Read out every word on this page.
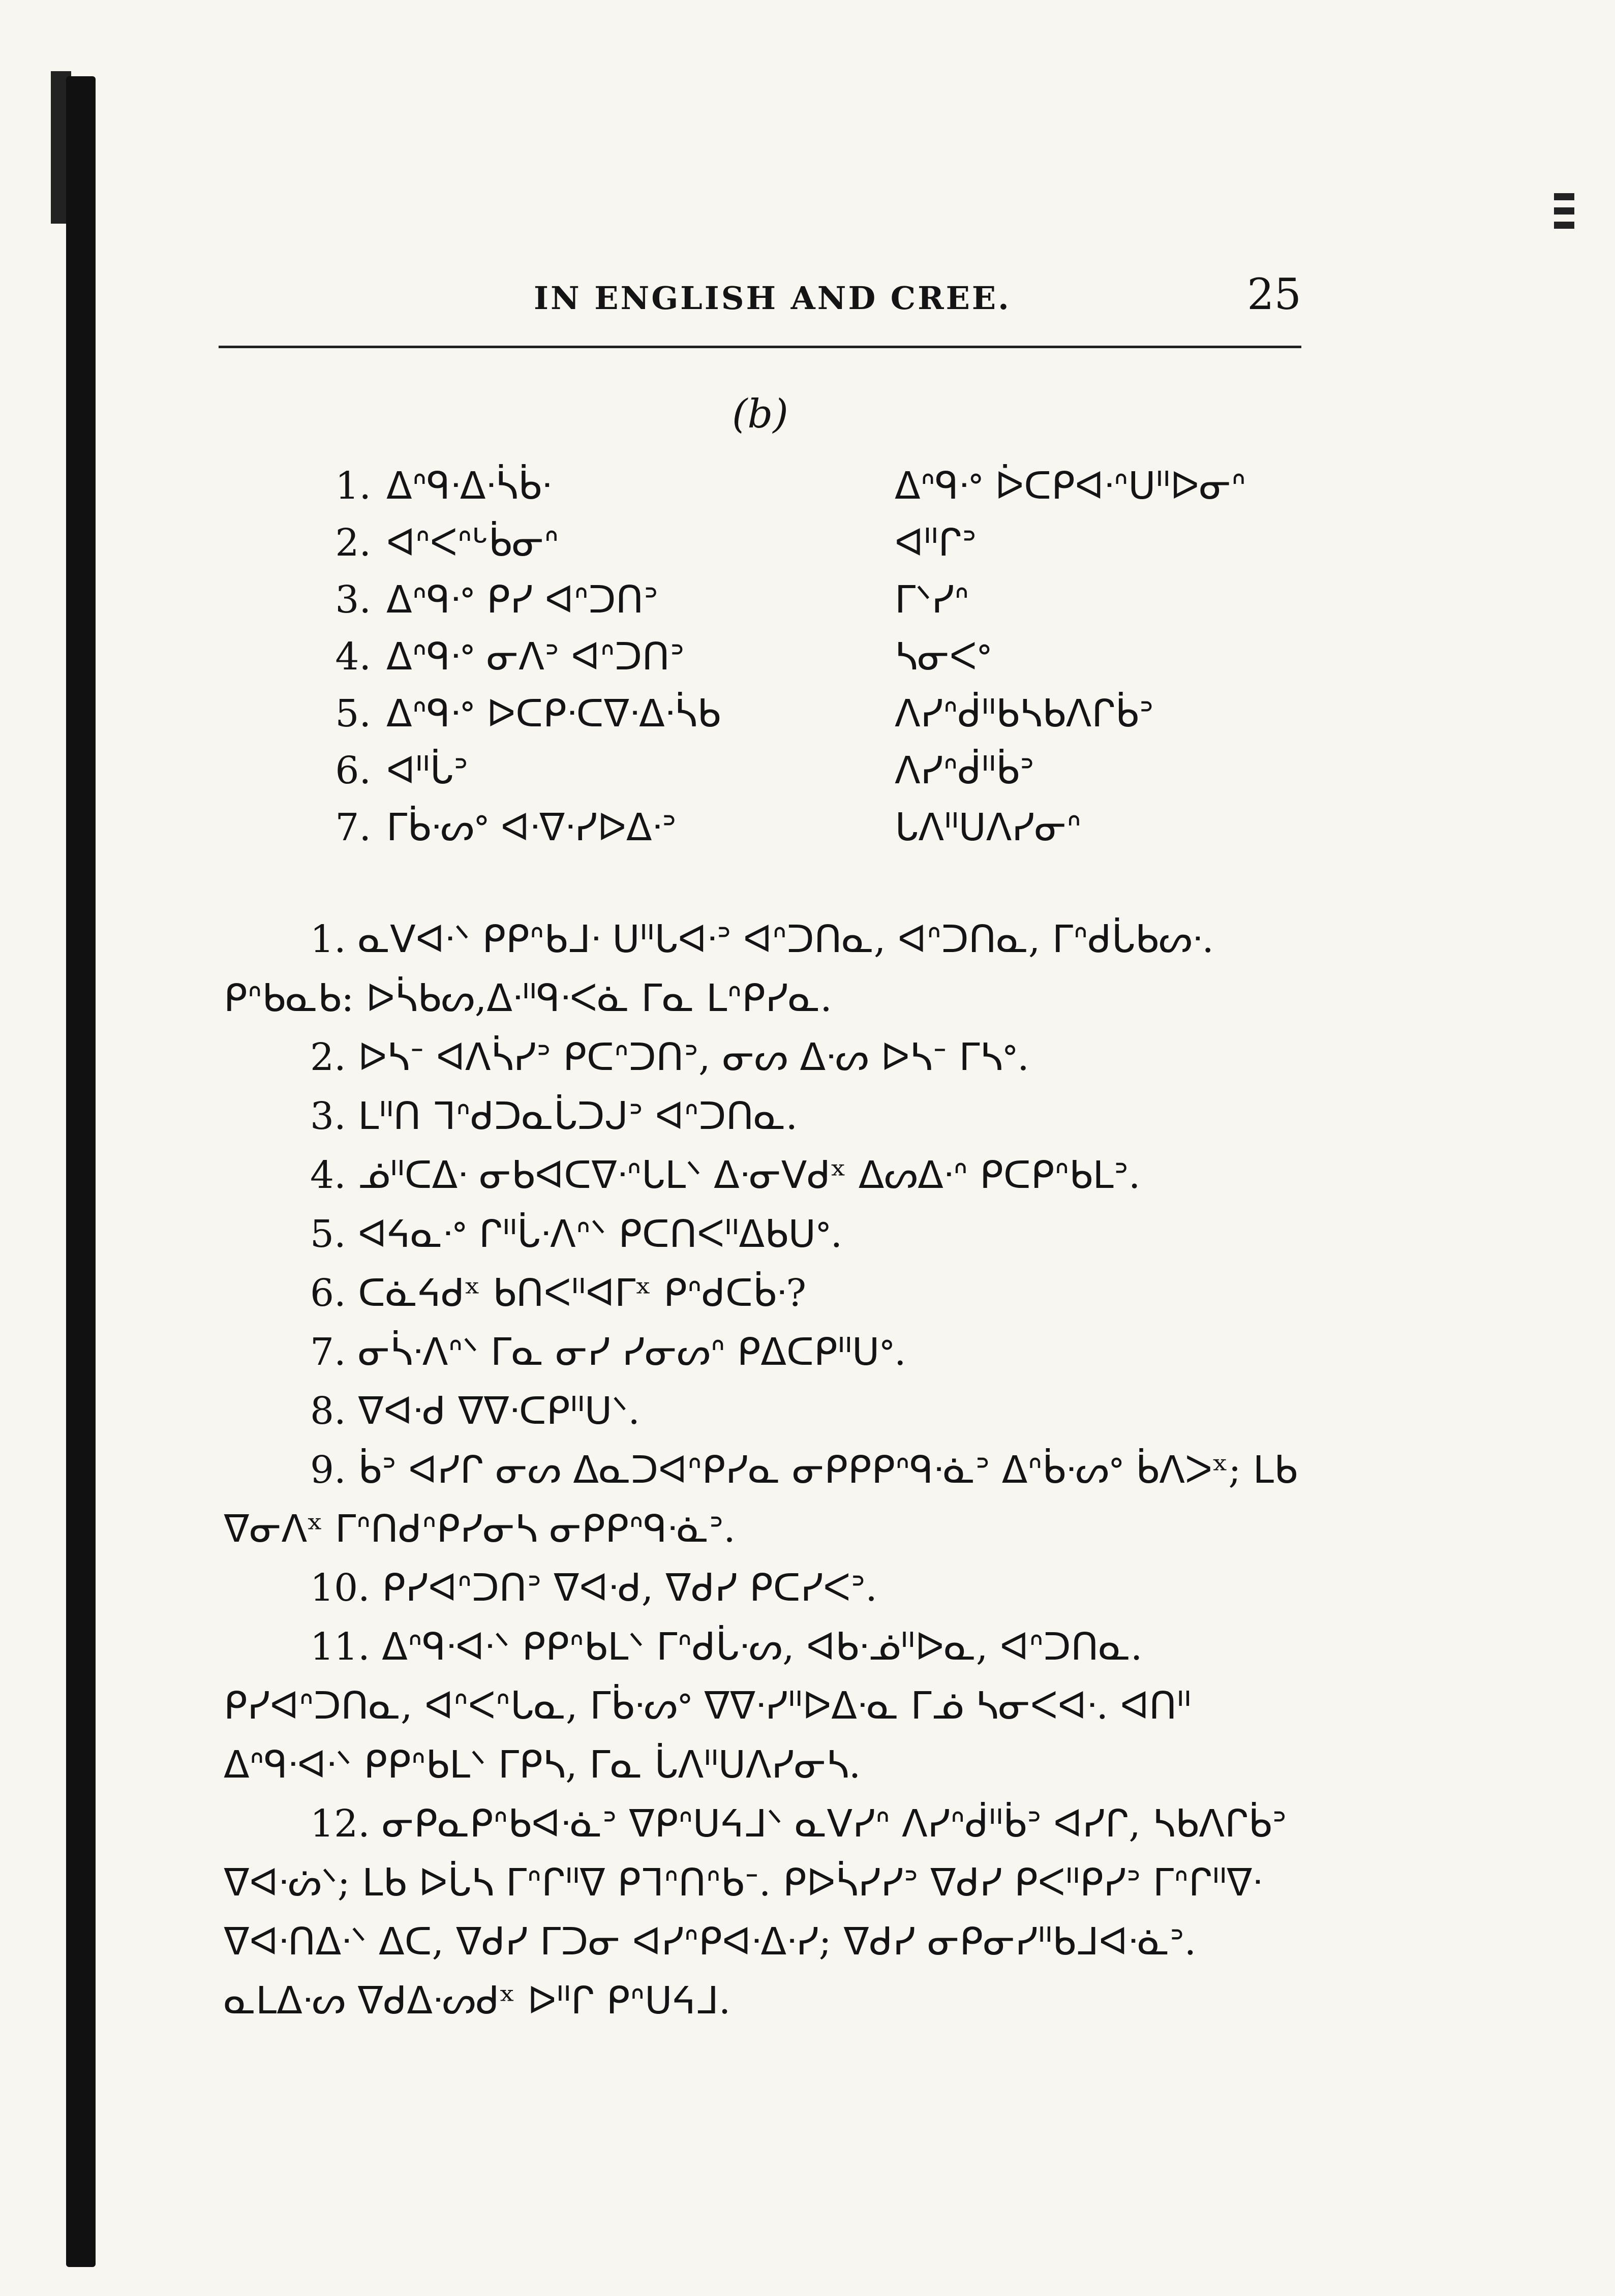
IN ENGLISH AND CREE.	25
(b)
1. ᐃᐢᑫᐧᐃᐧᓵᑳᐧ	ᐃᐢᑫᐧᐤ ᐆᑕᑭᐊᐧᐢᑌᐦᐅᓂᐢ
2. ᐊᐢᐸᐢᒡᑳᓂᐢ	ᐊᐦᒋᐣ
3. ᐃᐢᑫᐧᐤ ᑭᓯ ᐊᐢᑐᑎᐣ	ᒥᐠᓯᐢ
4. ᐃᐢᑫᐧᐤ ᓂᐱᐣ ᐊᐢᑐᑎᐣ	ᓴᓂᐸᐤ
5. ᐃᐢᑫᐧᐤ ᐅᑕᑭᐧᑕᐁᐧᐃᐧᓵᑲ	ᐱᓯᐢᑰᐦᑲᓴᑲᐱᒋᑳᐣ
6. ᐊᐦᒑᐣ	ᐱᓯᐢᑰᐦᑳᐣ
7. ᒥᑳᐧᔕᐤ ᐊᐧᐁᐧᓯᐅᐃᐧᐣ	ᒐᐱᐦᑌᐱᓯᓂᐢ

1. ᓇᐯᐊᐧᐠ ᑭᑭᐢᑲᒧᐧ ᑌᐦᒐᐊᐧᐣ ᐊᐢᑐᑎᓇ, ᐊᐢᑐᑎᓇ, ᒥᐢᑯᒑᑲᔕᐧ. ᑭᐢᑲᓇᑲ: ᐅᓵᑲᔕ,ᐃᐧᐦᑫᐧᐸᓈ ᒥᓇ ᒪᐢᑭᓯᓇ.

2. ᐅᓴᐨ ᐊᐱᓵᓯᐣ ᑭᑕᐢᑐᑎᐣ, ᓂᔕ ᐃᐧᔕ ᐅᓴᐨ ᒥᓴᐤ.

3. ᒪᐦᑎ ᒣᐢᑯᑐᓇᒑᑐᒍᐣ ᐊᐢᑐᑎᓇ.

4. ᓅᐦᑕᐃᐧ ᓂᑲᐊᑕᐁᐧᐢᒐᒪᐠ ᐃᐧᓂᐯᑯˣ ᐃᔕᐃᐧᐢ ᑭᑕᑭᐢᑲᒪᐣ.

5. ᐊᔦᓇᐧᐤ ᒋᐦᒑᐧᐱᐢᐠ ᑭᑕᑎᐸᐦᐃᑲᑌᐤ.

6. ᑕᓈᔦᑯˣ ᑲᑎᐸᐦᐊᒥˣ ᑭᐢᑯᑕᑳᐧ?

7. ᓂᓵᐧᐱᐢᐠ ᒥᓇ ᓂᓯ ᓯᓂᔕᐢ ᑭᐃᑕᑭᐦᑌᐤ.

8. ᐁᐊᐧᑯ ᐁᐁᐧᑕᑭᐦᑌᐠ.

9. ᑳᐣ ᐊᓯᒋ ᓂᔕ ᐃᓇᑐᐊᐢᑭᓯᓇ ᓂᑭᑭᑭᐢᑫᐧᓈᐣ ᐃᐢᑳᐧᔕᐤ ᑳᐱᐳˣ; ᒪᑲ ᐁᓂᐱˣ ᒥᐢᑎᑯᐢᑭᓯᓂᓴ ᓂᑭᑭᐢᑫᐧᓈᐣ.

10. ᑭᓯᐊᐢᑐᑎᐣ ᐁᐊᐧᑯ, ᐁᑯᓯ ᑭᑕᓯᐸᐣ.

11. ᐃᐢᑫᐧᐊᐧᐠ ᑭᑭᐢᑲᒪᐠ ᒥᐢᑯᒑᐧᔕ, ᐊᑲᐧᓅᐦᐅᓇ, ᐊᐢᑐᑎᓇ. ᑭᓯᐊᐢᑐᑎᓇ, ᐊᐢᐸᐢᒐᓇ, ᒥᑳᐧᔕᐤ ᐁᐁᐧᓯᐦᐅᐃᐧᓇ ᒥᓅ ᓴᓂᐸᐊᐧ. ᐊᑎᐦ ᐃᐢᑫᐧᐊᐧᐠ ᑭᑭᐢᑲᒪᐠ ᒥᑭᓴ, ᒥᓇ ᒑᐱᐦᑌᐱᓯᓂᓴ.

12. ᓂᑭᓇᑭᐢᑲᐊᐧᓈᐣ ᐁᑭᐢᑌᔦᒧᐠ ᓇᐯᓯᐢ ᐱᓯᐢᑰᐦᑳᐣ ᐊᓯᒋ, ᓴᑲᐱᒋᑳᐣ ᐁᐊᐧᔖᐠ; ᒪᑲ ᐅᒑᓴ ᒥᐢᒋᐦᐁ ᑭᒣᐢᑎᐢᑲᐨ. ᑭᐅᓵᓯᓯᐣ ᐁᑯᓯ ᑭᐸᐦᑭᓯᐣ ᒥᐢᒋᐦᐁᐧ ᐁᐊᐧᑎᐃᐧᐠ ᐃᑕ, ᐁᑯᓯ ᒥᑐᓂ ᐊᓯᐢᑭᐊᐧᐃᐧᓯ; ᐁᑯᓯ ᓂᑭᓂᓯᐦᑲᒧᐊᐧᓈᐣ. ᓇᒪᐃᐧᔕ ᐁᑯᐃᐧᔕᑯˣ ᐅᐦᒋ ᑭᐢᑌᔦᒧ.
